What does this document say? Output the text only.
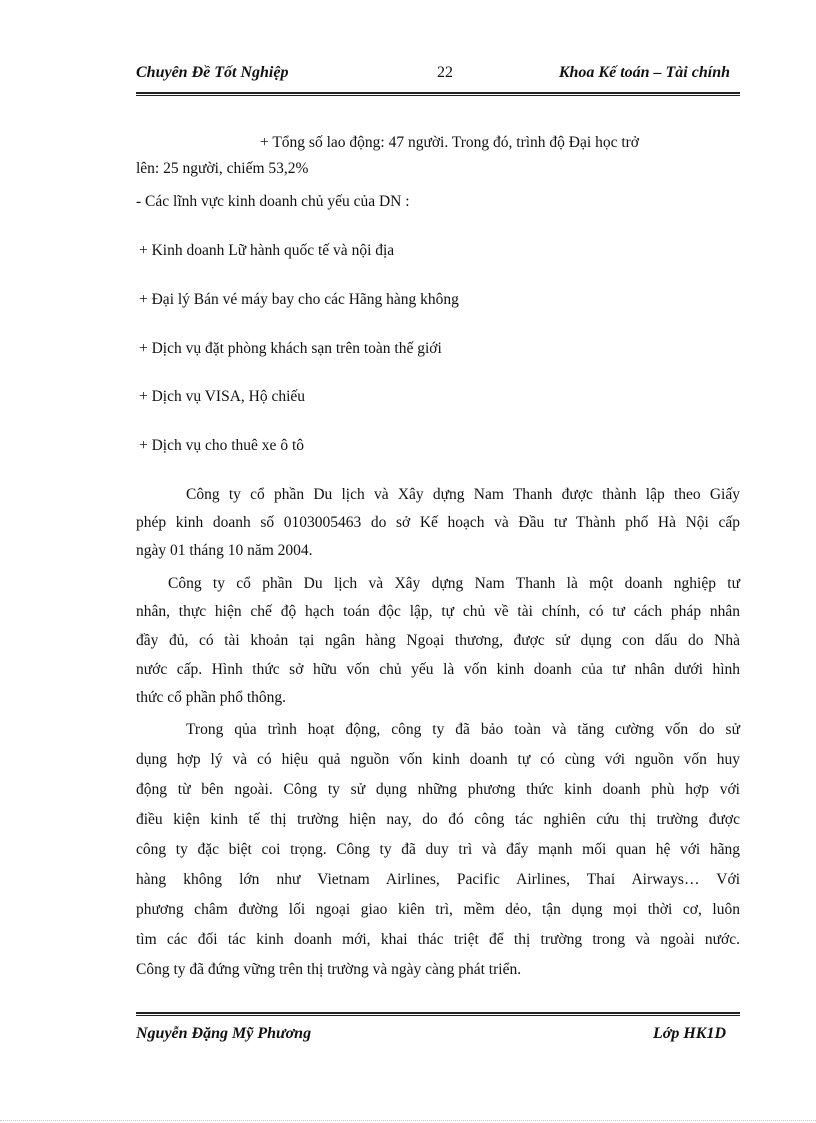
Chuyên Đề Tốt Nghiệp	22	Khoa Kế toán – Tài chính
+ Tổng số lao động: 47 người. Trong đó, trình độ Đại học trở
lên: 25 người, chiếm 53,2%
- Các lĩnh vực kinh doanh chủ yếu của DN :
+ Kinh doanh Lữ hành quốc tế và nội địa
+ Đại lý Bán vé máy bay cho các Hãng hàng không
+ Dịch vụ đặt phòng khách sạn trên toàn thế giới
+ Dịch vụ VISA, Hộ chiếu
+ Dịch vụ cho thuê xe ô tô
Công ty cổ phần Du lịch và Xây dựng Nam Thanh được thành lập theo Giấy
phép kinh doanh số 0103005463 do sở Kế hoạch và Đầu tư Thành phố Hà Nội cấp
ngày 01 tháng 10 năm 2004.
Công ty cổ phần Du lịch và Xây dựng Nam Thanh là một doanh nghiệp tư
nhân, thực hiện chế độ hạch toán độc lập, tự chủ về tài chính, có tư cách pháp nhân
đầy đủ, có tài khoản tại ngân hàng Ngoại thương, được sử dụng con dấu do Nhà
nước cấp. Hình thức sở hữu vốn chủ yếu là vốn kinh doanh của tư nhân dưới hình
thức cổ phần phổ thông.
Trong qủa trình hoạt động, công ty đã bảo toàn và tăng cường vốn do sử
dụng hợp lý và có hiệu quả nguồn vốn kinh doanh tự có cùng với nguồn vốn huy
động từ bên ngoài. Công ty sử dụng những phương thức kinh doanh phù hợp với
điều kiện kinh tế thị trường hiện nay, do đó công tác nghiên cứu thị trường được
công ty đặc biệt coi trọng. Công ty đã duy trì và đẩy mạnh mối quan hệ với hãng
hàng không lớn như Vietnam Airlines, Pacific Airlines, Thai Airways… Với
phương châm đường lối ngoại giao kiên trì, mềm dẻo, tận dụng mọi thời cơ, luôn
tìm các đối tác kinh doanh mới, khai thác triệt để thị trường trong và ngoài nước.
Công ty đã đứng vững trên thị trường và ngày càng phát triển.
Nguyễn Đặng Mỹ Phương	Lớp HK1D
